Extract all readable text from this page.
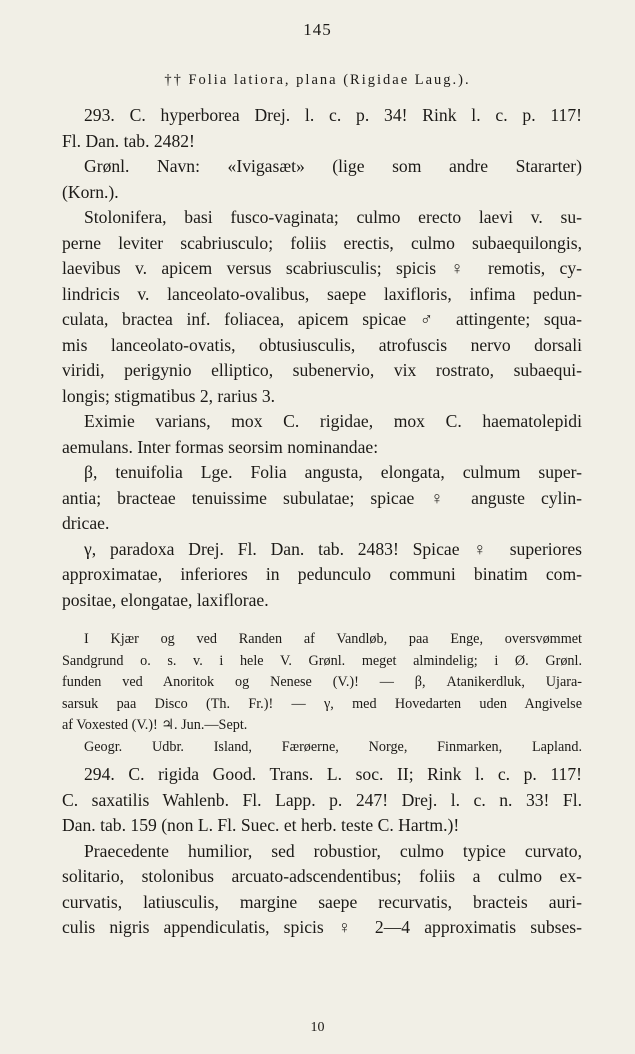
145
†† Folia latiora, plana (Rigidae Laug.).
293. C. hyperborea Drej. l. c. p. 34! Rink l. c. p. 117!
Fl. Dan. tab. 2482!
Grønl. Navn: «Ivigasæt» (lige som andre Stararter)
(Korn.).
Stolonifera, basi fusco-vaginata; culmo erecto laevi v. su-
perne leviter scabriusculo; foliis erectis, culmo subaequilongis,
laevibus v. apicem versus scabriusculis; spicis ♀ remotis, cy-
lindricis v. lanceolato-ovalibus, saepe laxifloris, infima pedun-
culata, bractea inf. foliacea, apicem spicae ♂ attingente; squa-
mis lanceolato-ovatis, obtusiusculis, atrofuscis nervo dorsali
viridi, perigynio elliptico, subenervio, vix rostrato, subaequi-
longis; stigmatibus 2, rarius 3.
Eximie varians, mox C. rigidae, mox C. haematolepidi
aemulans. Inter formas seorsim nominandae:
β, tenuifolia Lge. Folia angusta, elongata, culmum super-
antia; bracteae tenuissime subulatae; spicae ♀ anguste cylin-
dricae.
γ, paradoxa Drej. Fl. Dan. tab. 2483! Spicae ♀ superiores
approximatae, inferiores in pedunculo communi binatim com-
positae, elongatae, laxiflorae.
I Kjær og ved Randen af Vandløb, paa Enge, oversvømmet
Sandgrund o. s. v. i hele V. Grønl. meget almindelig; i Ø. Grønl.
funden ved Anoritok og Nenese (V.)! — β, Atanikerdluk, Ujara-
sarsuk paa Disco (Th. Fr.)! — γ, med Hovedarten uden Angivelse
af Voxested (V.)! ♃. Jun.—Sept.
Geogr. Udbr. Island, Færøerne, Norge, Finmarken, Lapland.
294. C. rigida Good. Trans. L. soc. II; Rink l. c. p. 117!
C. saxatilis Wahlenb. Fl. Lapp. p. 247! Drej. l. c. n. 33! Fl.
Dan. tab. 159 (non L. Fl. Suec. et herb. teste C. Hartm.)!
Praecedente humilior, sed robustior, culmo typice curvato,
solitario, stolonibus arcuato-adscendentibus; foliis a culmo ex-
curvatis, latiusculis, margine saepe recurvatis, bracteis auri-
culis nigris appendiculatis, spicis ♀ 2—4 approximatis subses-
10
